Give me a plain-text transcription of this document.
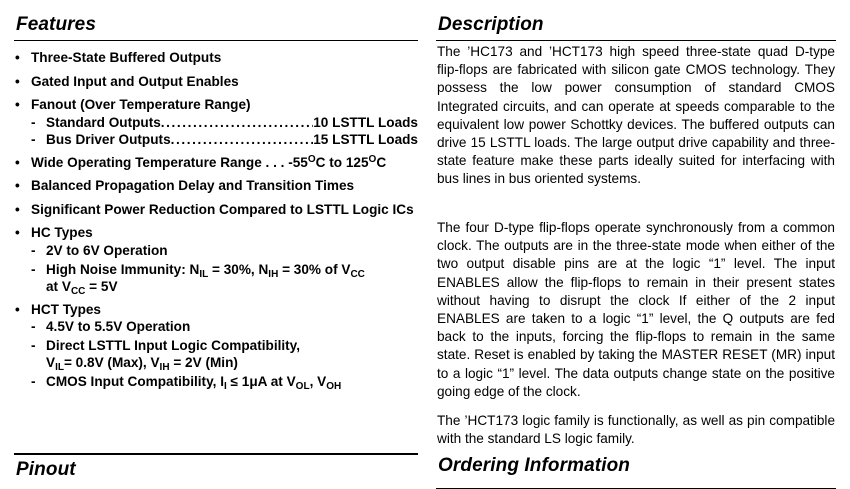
Features
• Three-State Buffered Outputs
• Gated Input and Output Enables
• Fanout (Over Temperature Range)
- Standard Outputs .....	10 LSTTL Loads
- Bus Driver Outputs .....	15 LSTTL Loads
• Wide Operating Temperature Range . . . $-55^OC$ to $125^OC$
• Balanced Propagation Delay and Transition Times
• Significant Power Reduction Compared to LSTTL Logic ICs
• HC Types
- 2V to 6V Operation
- High Noise Immunity: $N_{IL} = 30\%$, $N_{IH} = 30\%$ of $V_{CC}$
at $V_{CC} = 5V$
• HCT Types
- 4.5V to 5.5V Operation
- Direct LSTTL Input Logic Compatibility,
$V_{IL}= 0.8V$ (Max), $V_{IH} = 2V$ (Min)
- CMOS Input Compatibility, $I_I \le 1\mu A$ at $V_{OL}$, $V_{OH}$
Pinout
Description

The ’HC173 and ’HCT173 high speed three-state quad D-type flip-flops are fabricated with silicon gate CMOS technology. They possess the low power consumption of standard CMOS Integrated circuits, and can operate at speeds comparable to the equivalent low power Schottky devices. The buffered outputs can drive 15 LSTTL loads. The large output drive capability and three-state feature make these parts ideally suited for interfacing with bus lines in bus oriented systems.

The four D-type flip-flops operate synchronously from a common clock. The outputs are in the three-state mode when either of the two output disable pins are at the logic “1” level. The input ENABLES allow the flip-flops to remain in their present states without having to disrupt the clock If either of the 2 input ENABLES are taken to a logic “1” level, the Q outputs are fed back to the inputs, forcing the flip-flops to remain in the same state. Reset is enabled by taking the MASTER RESET (MR) input to a logic “1” level. The data outputs change state on the positive going edge of the clock.

The ’HCT173 logic family is functionally, as well as pin compatible with the standard LS logic family.

Ordering Information
